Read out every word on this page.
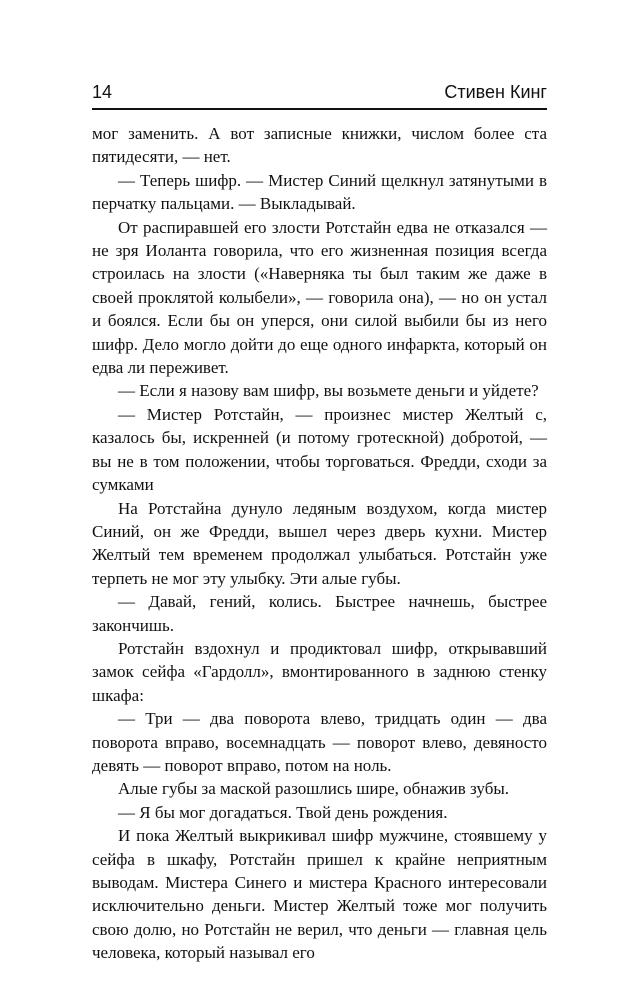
14	Стивен Кинг

мог заменить. А вот записные книжки, числом более ста пятидесяти, — нет.

— Теперь шифр. — Мистер Синий щелкнул затянутыми в перчатку пальцами. — Выкладывай.

От распиравшей его злости Ротстайн едва не отказался — не зря Иоланта говорила, что его жизненная позиция всегда строилась на злости («Наверняка ты был таким же даже в своей проклятой колыбели», — говорила она), — но он устал и боялся. Если бы он уперся, они силой выбили бы из него шифр. Дело могло дойти до еще одного инфаркта, который он едва ли переживет.

— Если я назову вам шифр, вы возьмете деньги и уйдете?

— Мистер Ротстайн, — произнес мистер Желтый с, казалось бы, искренней (и потому гротескной) добротой, — вы не в том положении, чтобы торговаться. Фредди, сходи за сумками

На Ротстайна дунуло ледяным воздухом, когда мистер Синий, он же Фредди, вышел через дверь кухни. Мистер Желтый тем временем продолжал улыбаться. Ротстайн уже терпеть не мог эту улыбку. Эти алые губы.

— Давай, гений, колись. Быстрее начнешь, быстрее закончишь.

Ротстайн вздохнул и продиктовал шифр, открывавший замок сейфа «Гардолл», вмонтированного в заднюю стенку шкафа:

— Три — два поворота влево, тридцать один — два поворота вправо, восемнадцать — поворот влево, девяносто девять — поворот вправо, потом на ноль.

Алые губы за маской разошлись шире, обнажив зубы.

— Я бы мог догадаться. Твой день рождения.

И пока Желтый выкрикивал шифр мужчине, стоявшему у сейфа в шкафу, Ротстайн пришел к крайне неприятным выводам. Мистера Синего и мистера Красного интересовали исключительно деньги. Мистер Желтый тоже мог получить свою долю, но Ротстайн не верил, что деньги — главная цель человека, который называл его
